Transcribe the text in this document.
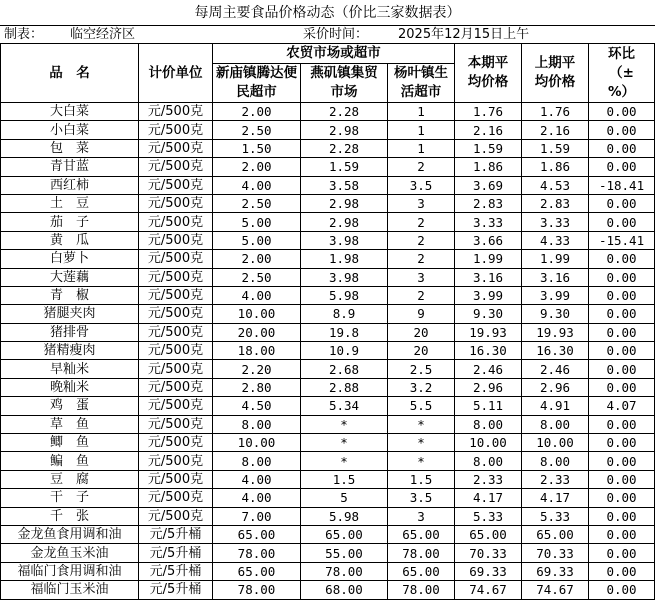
每周主要食品价格动态（价比三家数据表）
制表： 临空经济区	采价时间： 2025年12月15日上午
品　名	计价单位	农贸市场或超市			本期平均价格	上期平均价格	环比（±%）
		新庙镇腾达便民超市	燕矶镇集贸市场	杨叶镇生活超市			
大白菜	元/500克	2.00	2.28	1	1.76	1.76	0.00
小白菜	元/500克	2.50	2.98	1	2.16	2.16	0.00
包　菜	元/500克	1.50	2.28	1	1.59	1.59	0.00
青甘蓝	元/500克	2.00	1.59	2	1.86	1.86	0.00
西红柿	元/500克	4.00	3.58	3.5	3.69	4.53	-18.41
土　豆	元/500克	2.50	2.98	3	2.83	2.83	0.00
茄　子	元/500克	5.00	2.98	2	3.33	3.33	0.00
黄　瓜	元/500克	5.00	3.98	2	3.66	4.33	-15.41
白萝卜	元/500克	2.00	1.98	2	1.99	1.99	0.00
大莲藕	元/500克	2.50	3.98	3	3.16	3.16	0.00
青　椒	元/500克	4.00	5.98	2	3.99	3.99	0.00
猪腿夹肉	元/500克	10.00	8.9	9	9.30	9.30	0.00
猪排骨	元/500克	20.00	19.8	20	19.93	19.93	0.00
猪精瘦肉	元/500克	18.00	10.9	20	16.30	16.30	0.00
早籼米	元/500克	2.20	2.68	2.5	2.46	2.46	0.00
晚籼米	元/500克	2.80	2.88	3.2	2.96	2.96	0.00
鸡　蛋	元/500克	4.50	5.34	5.5	5.11	4.91	4.07
草　鱼	元/500克	8.00	*	*	8.00	8.00	0.00
鲫　鱼	元/500克	10.00	*	*	10.00	10.00	0.00
鳊　鱼	元/500克	8.00	*	*	8.00	8.00	0.00
豆　腐	元/500克	4.00	1.5	1.5	2.33	2.33	0.00
干　子	元/500克	4.00	5	3.5	4.17	4.17	0.00
千　张	元/500克	7.00	5.98	3	5.33	5.33	0.00
金龙鱼食用调和油	元/5升桶	65.00	65.00	65.00	65.00	65.00	0.00
金龙鱼玉米油	元/5升桶	78.00	55.00	78.00	70.33	70.33	0.00
福临门食用调和油	元/5升桶	65.00	78.00	65.00	69.33	69.33	0.00
福临门玉米油	元/5升桶	78.00	68.00	78.00	74.67	74.67	0.00
